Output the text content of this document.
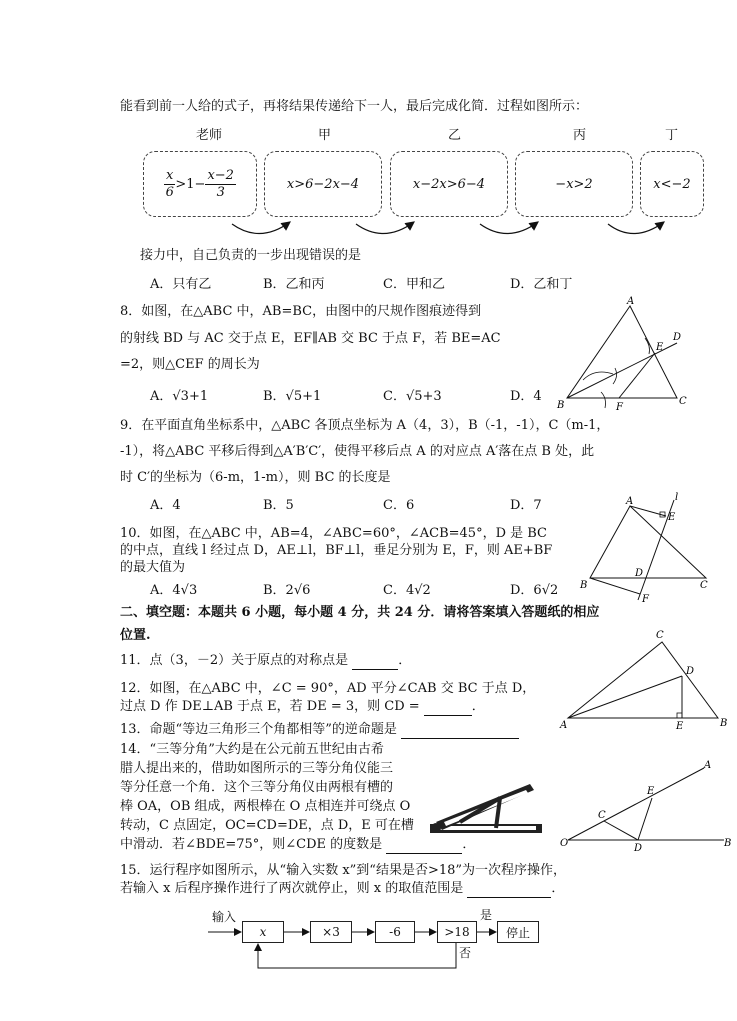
能看到前一人给的式子，再将结果传递给下一人，最后完成化简．过程如图所示：
老师	甲	乙	丙	丁
$\frac{x}{6} >1- \frac{x-2}{3}$	x>6−2x−4	x−2x>6−4	−x>2	x<−2
接力中，自己负责的一步出现错误的是
A．只有乙	B．乙和丙	C．甲和乙	D．乙和丁
8．如图，在△ABC 中，AB=BC，由图中的尺规作图痕迹得到
的射线 BD 与 AC 交于点 E，EF∥AB 交 BC 于点 F，若 BE=AC
=2，则△CEF 的周长为
A．√3+1	B．√5+1	C．√5+3	D．4
A
D
E
B	F
C
9．在平面直角坐标系中，△ABC 各顶点坐标为 A（4，3），B（-1，-1），C（m-1，
-1），将△ABC 平移后得到△A′B′C′，使得平移后点 A 的对应点 A′落在点 B 处，此
时 C′的坐标为（6-m，1-m），则 BC 的长度是
A．4	B．5	C．6	D．7
10．如图，在△ABC 中，AB=4，∠ABC=60°，∠ACB=45°，D 是 BC
的中点，直线 l 经过点 D，AE⊥l，BF⊥l，垂足分别为 E，F，则 AE+BF
的最大值为
A．4√3	B．2√6	C．4√2	D．6√2
A	l
E
D
B	C
F
二、填空题：本题共 6 小题，每小题 4 分，共 24 分．请将答案填入答题纸的相应
位置.
11．点（3，－2）关于原点的对称点是	．
12．如图，在△ABC 中，∠C = 90°，AD 平分∠CAB 交 BC 于点 D，
过点 D 作 DE⊥AB 于点 E，若 DE = 3，则 CD =	．
C
D
A	E	B
13．命题“等边三角形三个角都相等”的逆命题是
14．“三等分角”大约是在公元前五世纪由古希
腊人提出来的，借助如图所示的三等分角仪能三
等分任意一个角．这个三等分角仪由两根有槽的
棒 OA，OB 组成，两根棒在 O 点相连并可绕点 O
转动，C 点固定，OC=CD=DE，点 D，E 可在槽
中滑动．若∠BDE=75°，则∠CDE 的度数是	．
A
E
C
O	D	B
15．运行程序如图所示，从“输入实数 x”到“结果是否>18”为一次程序操作，
若输入 x 后程序操作进行了两次就停止，则 x 的取值范围是	．
输入
x	×3	-6	>18
是
停止
否
